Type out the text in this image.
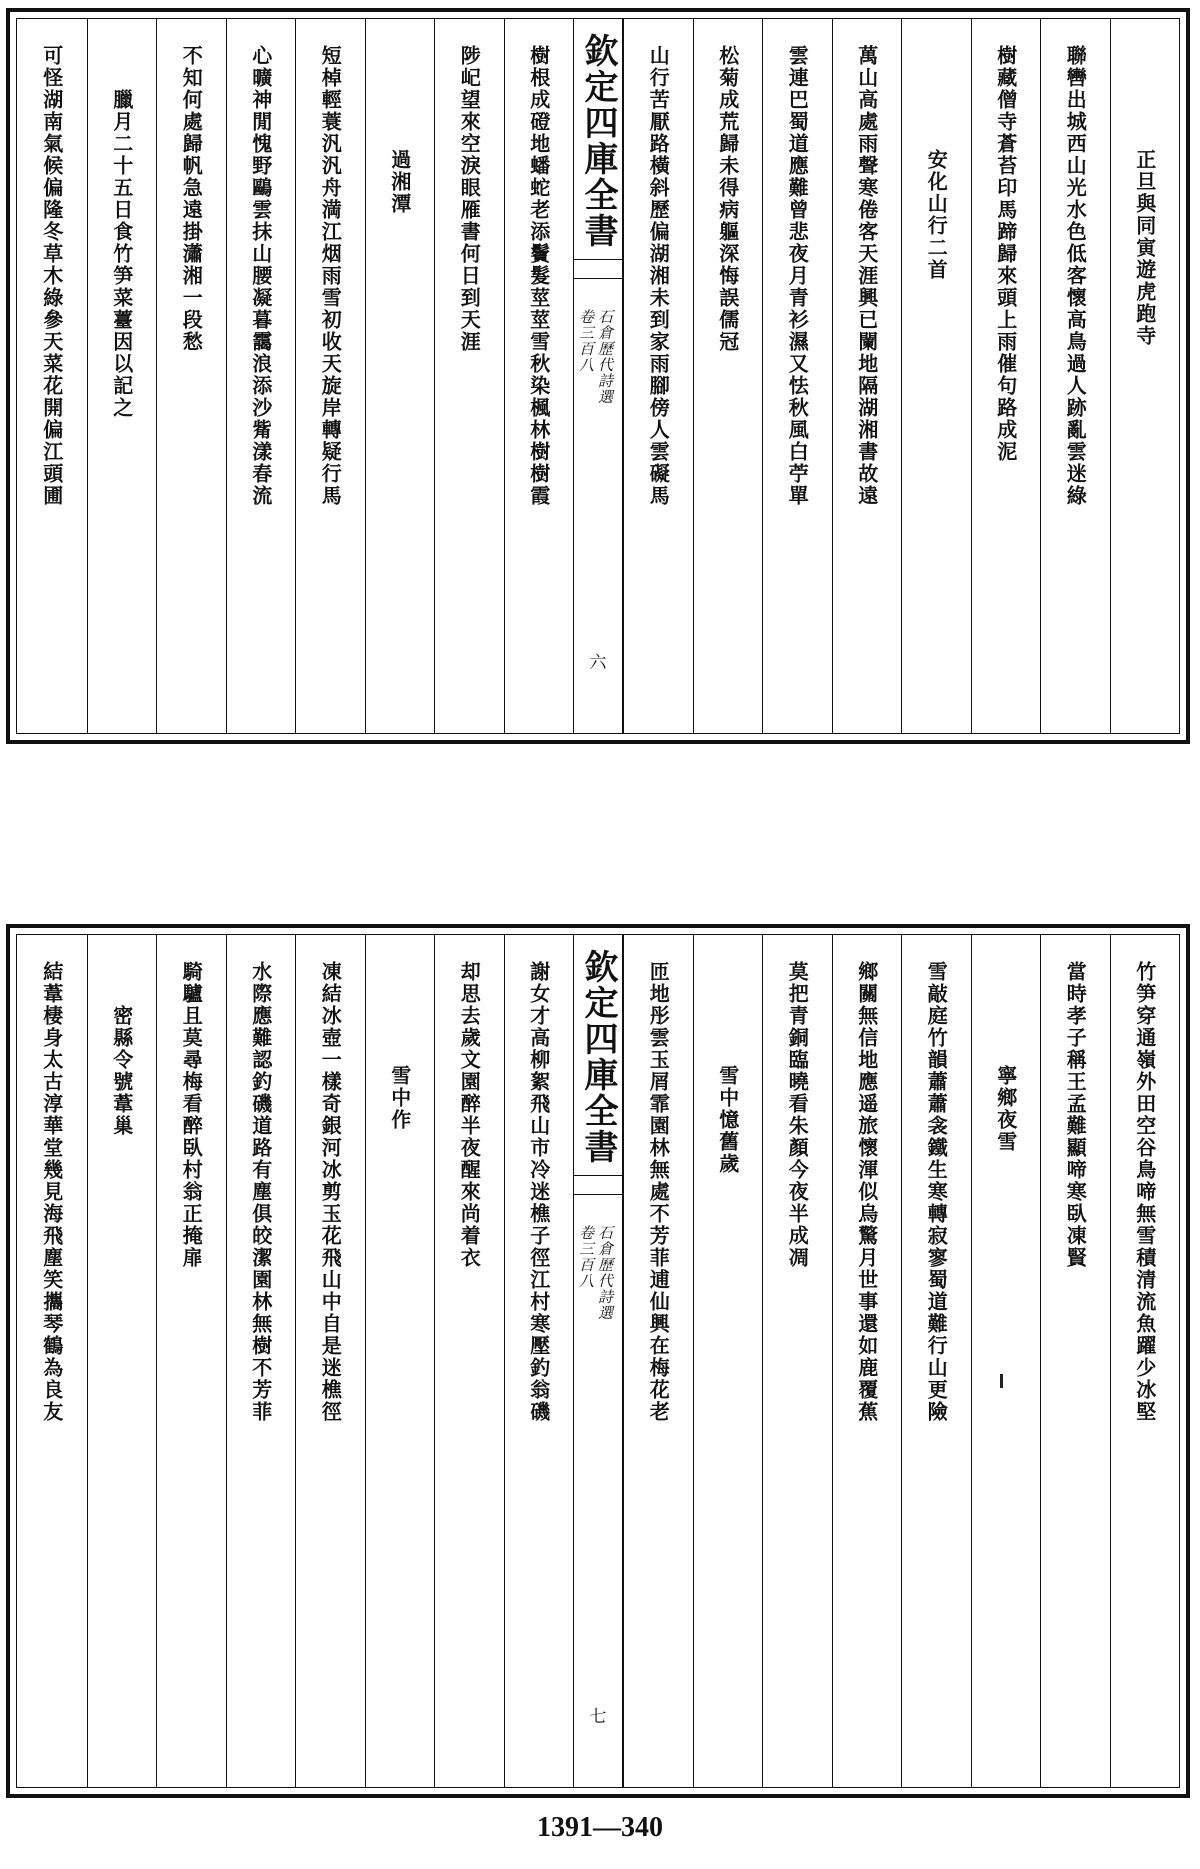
正旦與同寅遊虎跑寺
聯轡出城西山光水色低客懷高鳥過人跡亂雲迷綠
樹藏僧寺蒼苔印馬蹄歸來頭上雨催句路成泥
安化山行二首
萬山高處雨聲寒倦客天涯興已闌地隔湖湘書故遠
雲連巴蜀道應難曾悲夜月青衫濕又怯秋風白苧單
松菊成荒歸未得病軀深悔誤儒冠
山行苦厭路橫斜歷偏湖湘未到家雨腳傍人雲礙馬
欽定四庫全書
卷三百八 石倉歷代詩選
六
樹根成磴地蟠蛇老添鬢髮莖莖雪秋染楓林樹樹霞
陟屺望來空淚眼雁書何日到天涯
過湘潭
短棹輕蓑汎汎舟満江烟雨雪初收天旋岸轉疑行馬
心曠神閒愧野鷗雲抹山腰凝暮靄浪添沙觜漾春流
不知何處歸帆急遠掛瀟湘一段愁
臘月二十五日食竹笋菜薹因以記之
可怪湖南氣候偏隆冬草木綠參天菜花開偏江頭圃
竹笋穿通嶺外田空谷鳥啼無雪積清流魚躍少冰堅
當時孝子稱王孟難顯啼寒臥凍賢
寧鄉夜雪
雪敲庭竹韻蕭蕭衾鐵生寒轉寂寥蜀道難行山更險
鄉關無信地應遥旅懷渾似烏驚月世事還如鹿覆蕉
莫把青銅臨曉看朱顏今夜半成凋
雪中憶舊歲
匝地彤雲玉屑霏園林無處不芳菲逋仙興在梅花老
欽定四庫全書
卷三百八 石倉歷代詩選
七
謝女才高柳絮飛山市冷迷樵子徑江村寒壓釣翁磯
却思去歲文園醉半夜醒來尚着衣
雪中作
凍結冰壺一樣奇銀河冰剪玉花飛山中自是迷樵徑
水際應難認釣磯道路有塵俱皎潔園林無樹不芳菲
騎驢且莫尋梅看醉臥村翁正掩扉
密縣令號葦巢
結葦棲身太古淳華堂幾見海飛塵笑攜琴鶴為良友
1391—340
